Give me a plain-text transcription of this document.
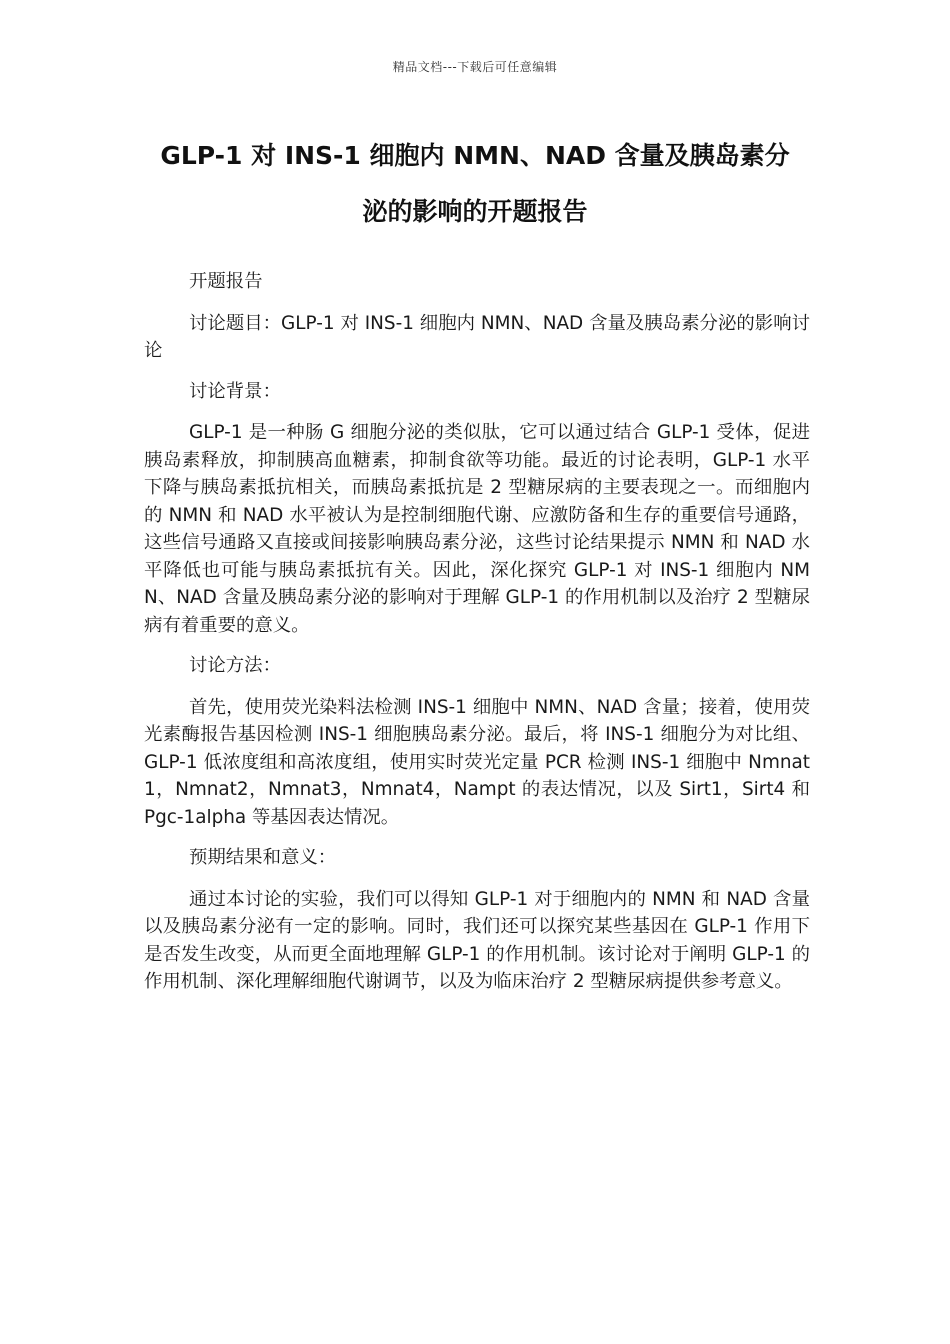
精品文档---下载后可任意编辑
GLP-1 对 INS-1 细胞内 NMN、NAD 含量及胰岛素分
泌的影响的开题报告

开题报告

讨论题目：GLP-1 对 INS-1 细胞内 NMN、NAD 含量及胰岛素分泌的影响讨论

讨论背景：

GLP-1 是一种肠 G 细胞分泌的类似肽，它可以通过结合 GLP-1 受体，促进胰岛素释放，抑制胰高血糖素，抑制食欲等功能。最近的讨论表明，GLP-1 水平下降与胰岛素抵抗相关，而胰岛素抵抗是 2 型糖尿病的主要表现之一。而细胞内的 NMN 和 NAD 水平被认为是控制细胞代谢、应激防备和生存的重要信号通路，这些信号通路又直接或间接影响胰岛素分泌，这些讨论结果提示 NMN 和 NAD 水平降低也可能与胰岛素抵抗有关。因此，深化探究 GLP-1 对 INS-1 细胞内 NMN、NAD 含量及胰岛素分泌的影响对于理解 GLP-1 的作用机制以及治疗 2 型糖尿病有着重要的意义。

讨论方法：

首先，使用荧光染料法检测 INS-1 细胞中 NMN、NAD 含量；接着，使用荧光素酶报告基因检测 INS-1 细胞胰岛素分泌。最后，将 INS-1 细胞分为对比组、GLP-1 低浓度组和高浓度组，使用实时荧光定量 PCR 检测 INS-1 细胞中 Nmnat1，Nmnat2，Nmnat3，Nmnat4，Nampt 的表达情况，以及 Sirt1，Sirt4 和 Pgc-1alpha 等基因表达情况。

预期结果和意义：

通过本讨论的实验，我们可以得知 GLP-1 对于细胞内的 NMN 和 NAD 含量以及胰岛素分泌有一定的影响。同时，我们还可以探究某些基因在 GLP-1 作用下是否发生改变，从而更全面地理解 GLP-1 的作用机制。该讨论对于阐明 GLP-1 的作用机制、深化理解细胞代谢调节，以及为临床治疗 2 型糖尿病提供参考意义。
